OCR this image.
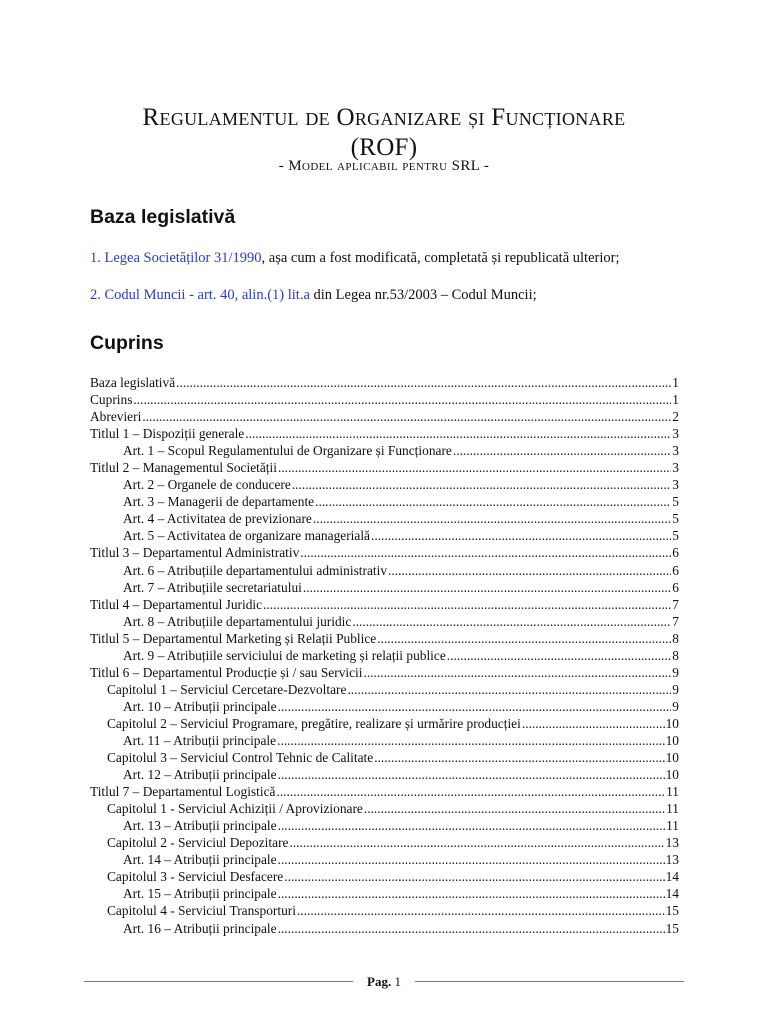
Regulamentul de Organizare și Funcționare
(ROF)
- Model aplicabil pentru SRL -
Baza legislativă
1. Legea Societăților 31/1990, așa cum a fost modificată, completată și republicată ulterior;
2. Codul Muncii - art. 40, alin.(1) lit.a din Legea nr.53/2003 – Codul Muncii;
Cuprins
Baza legislativă .....	1
Cuprins .....	1
Abrevieri .....	2
Titlul 1 – Dispoziții generale .....	3
Art. 1 – Scopul Regulamentului de Organizare și Funcționare .....	3
Titlul 2 – Managementul Societății .....	3
Art. 2 – Organele de conducere .....	3
Art. 3 – Managerii de departamente .....	5
Art. 4 – Activitatea de previzionare .....	5
Art. 5 – Activitatea de organizare managerială .....	5
Titlul 3 – Departamentul Administrativ .....	6
Art. 6 – Atribuțiile departamentului administrativ .....	6
Art. 7 – Atribuțiile secretariatului .....	6
Titlul 4 – Departamentul Juridic .....	7
Art. 8 – Atribuțiile departamentului juridic .....	7
Titlul 5 – Departamentul Marketing și Relații Publice .....	8
Art. 9 – Atribuțiile serviciului de marketing și relații publice .....	8
Titlul 6 – Departamentul Producție și / sau Servicii .....	9
Capitolul 1 – Serviciul Cercetare-Dezvoltare .....	9
Art. 10 – Atribuții principale .....	9
Capitolul 2 – Serviciul Programare, pregătire, realizare și urmărire producției .....	10
Art. 11 – Atribuții principale .....	10
Capitolul 3 – Serviciul Control Tehnic de Calitate .....	10
Art. 12 – Atribuții principale .....	10
Titlul 7 – Departamentul Logistică .....	11
Capitolul 1 - Serviciul Achiziții / Aprovizionare .....	11
Art. 13 – Atribuții principale .....	11
Capitolul 2 - Serviciul Depozitare .....	13
Art. 14 – Atribuții principale .....	13
Capitolul 3 - Serviciul Desfacere .....	14
Art. 15 – Atribuții principale .....	14
Capitolul 4 - Serviciul Transporturi .....	15
Art. 16 – Atribuții principale .....	15
Pag. 1
